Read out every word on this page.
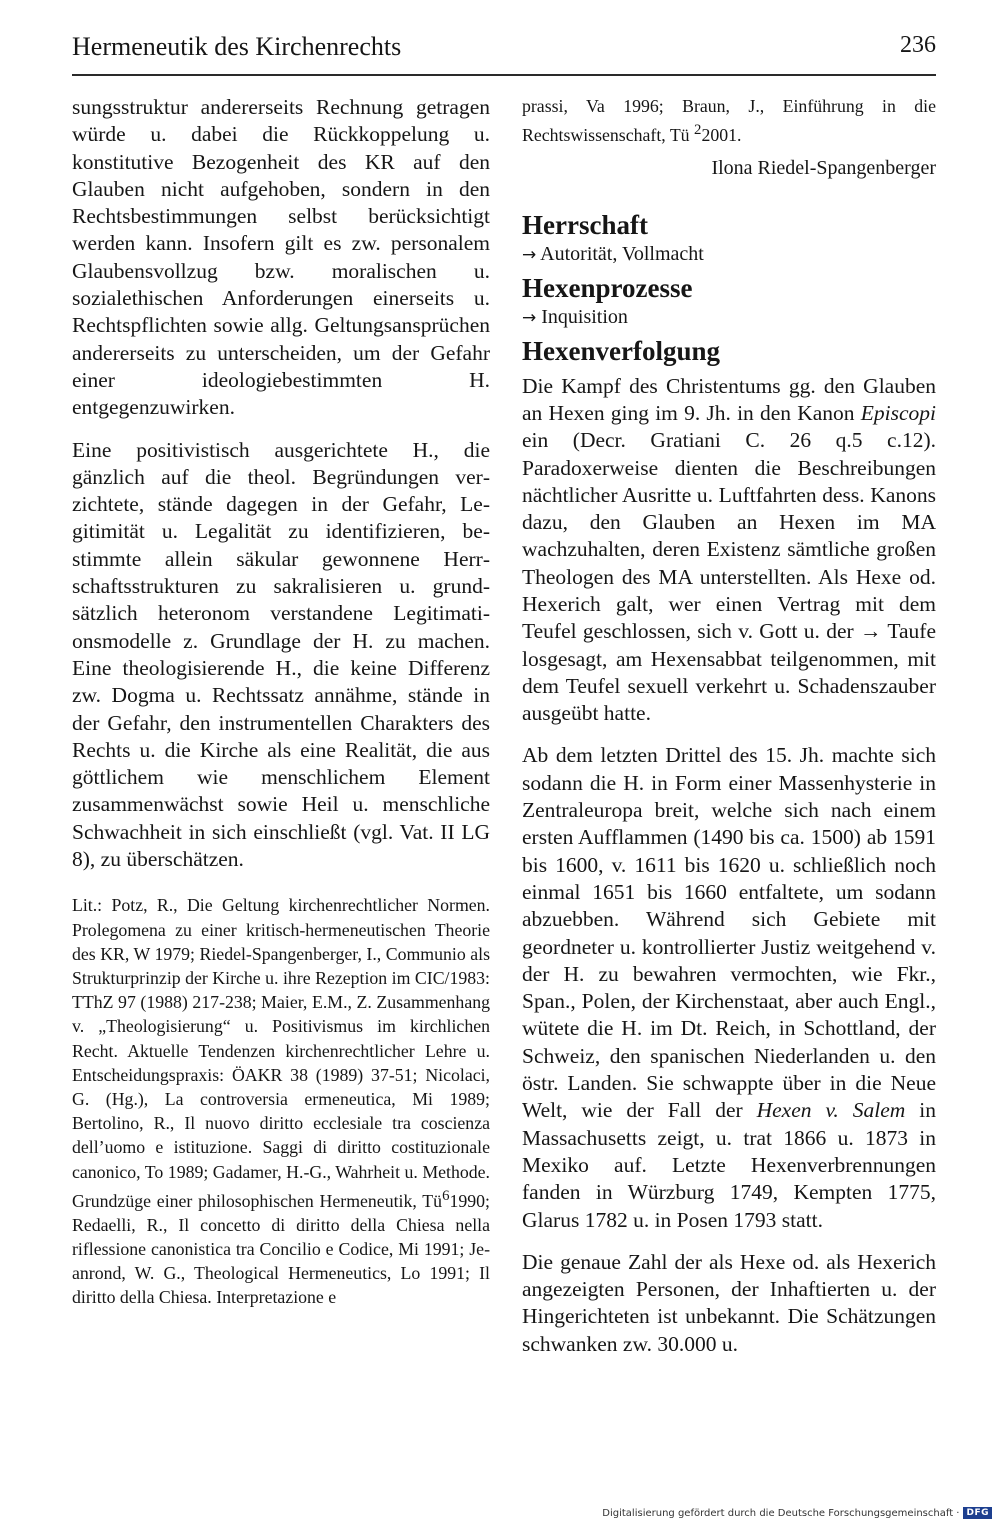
Hermeneutik des Kirchenrechts	236

sungsstruktur andererseits Rechnung getragen würde u. dabei die Rückkoppelung u. konstitutive Bezogenheit des KR auf den Glauben nicht aufgehoben, sondern in den Rechtsbestimmungen selbst berücksichtigt werden kann. Insofern gilt es zw. personalem Glaubensvollzug bzw. moralischen u. sozialethischen Anforderungen einerseits u. Rechtspflichten sowie allg. Geltungsansprüchen andererseits zu unterscheiden, um der Gefahr einer ideologiebestimmten H. entgegenzuwirken.

Eine positivistisch ausgerichtete H., die gänzlich auf die theol. Begründungen verzichtete, stände dagegen in der Gefahr, Legitimität u. Legalität zu identifizieren, bestimmte allein säkular gewonnene Herrschaftsstrukturen zu sakralisieren u. grundsätzlich heteronom verstandene Legitimationsmodelle z. Grundlage der H. zu machen. Eine theologisierende H., die keine Differenz zw. Dogma u. Rechtssatz annähme, stände in der Gefahr, den instrumentellen Charakters des Rechts u. die Kirche als eine Realität, die aus göttlichem wie menschlichem Element zusammenwächst sowie Heil u. menschliche Schwachheit in sich einschließt (vgl. Vat. II LG 8), zu überschätzen.

Lit.: Potz, R., Die Geltung kirchenrechtlicher Normen. Prolegomena zu einer kritisch-hermeneutischen Theorie des KR, W 1979; Riedel-Spangenberger, I., Communio als Strukturprinzip der Kirche u. ihre Rezeption im CIC/1983: TThZ 97 (1988) 217-238; Maier, E.M., Z. Zusammenhang v. „Theologisierung“ u. Positivismus im kirchlichen Recht. Aktuelle Tendenzen kirchenrechtlicher Lehre u. Entscheidungspraxis: ÖAKR 38 (1989) 37-51; Nicolaci, G. (Hg.), La controversia ermeneutica, Mi 1989; Bertolino, R., Il nuovo diritto ecclesiale tra coscienza dell’uomo e istituzione. Saggi di diritto costituzionale canonico, To 1989; Gadamer, H.-G., Wahrheit u. Methode. Grundzüge einer philosophischen Hermeneutik, $Tü^61990$; Redaelli, R., Il concetto di diritto della Chiesa nella riflessione canonistica tra Concilio e Codice, Mi 1991; Jeanrond, W. G., Theological Hermeneutics, Lo 1991; Il diritto della Chiesa. Interpretazione e

prassi, Va 1996; Braun, J., Einführung in die Rechtswissenschaft, Tü $^2$2001.

Ilona Riedel-Spangenberger

Herrschaft

→ Autorität, Vollmacht

Hexenprozesse

→ Inquisition

Hexenverfolgung

Die Kampf des Christentums gg. den Glauben an Hexen ging im 9. Jh. in den Kanon Episcopi ein (Decr. Gratiani C. 26 q.5 c.12). Paradoxerweise dienten die Beschreibungen nächtlicher Ausritte u. Luftfahrten dess. Kanons dazu, den Glauben an Hexen im MA wachzuhalten, deren Existenz sämtliche großen Theologen des MA unterstellten. Als Hexe od. Hexerich galt, wer einen Vertrag mit dem Teufel geschlossen, sich v. Gott u. der → Taufe losgesagt, am Hexensabbat teilgenommen, mit dem Teufel sexuell verkehrt u. Schadenszauber ausgeübt hatte.

Ab dem letzten Drittel des 15. Jh. machte sich sodann die H. in Form einer Massenhysterie in Zentraleuropa breit, welche sich nach einem ersten Aufflammen (1490 bis ca. 1500) ab 1591 bis 1600, v. 1611 bis 1620 u. schließlich noch einmal 1651 bis 1660 entfaltete, um sodann abzuebben. Während sich Gebiete mit geordneter u. kontrollierter Justiz weitgehend v. der H. zu bewahren vermochten, wie Fkr., Span., Polen, der Kirchenstaat, aber auch Engl., wütete die H. im Dt. Reich, in Schottland, der Schweiz, den spanischen Niederlanden u. den östr. Landen. Sie schwappte über in die Neue Welt, wie der Fall der Hexen v. Salem in Massachusetts zeigt, u. trat 1866 u. 1873 in Mexiko auf. Letzte Hexenverbrennungen fanden in Würzburg 1749, Kempten 1775, Glarus 1782 u. in Posen 1793 statt.

Die genaue Zahl der als Hexe od. als Hexerich angezeigten Personen, der Inhaftierten u. der Hingerichteten ist unbekannt. Die Schätzungen schwanken zw. 30.000 u.

Digitalisierung gefördert durch die Deutsche Forschungsgemeinschaft · DFG
